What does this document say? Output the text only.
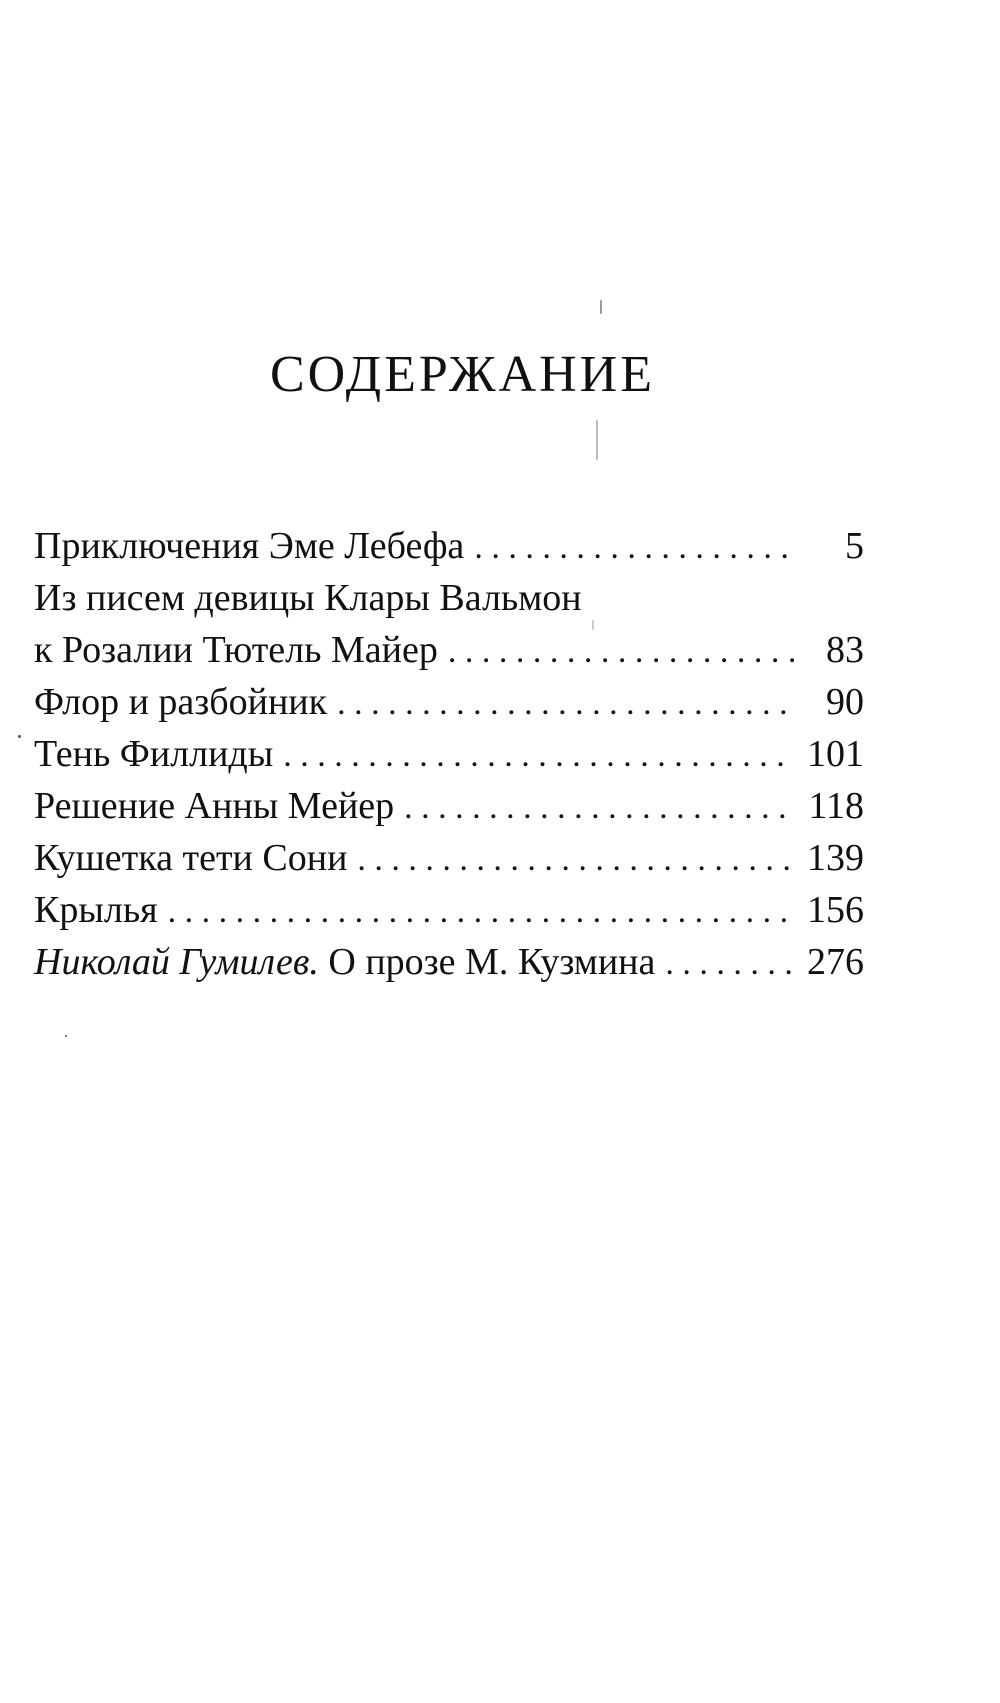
СОДЕРЖАНИЕ
Приключения Эме Лебефа . . .	5
Из писем девицы Клары Вальмон
к Розалии Тютель Майер . . .	83
Флор и разбойник . . .	90
Тень Филлиды . . .	101
Решение Анны Мейер . . .	118
Кушетка тети Сони . . .	139
Крылья . . .	156
Николай Гумилев. О прозе М. Кузмина . . .	276
